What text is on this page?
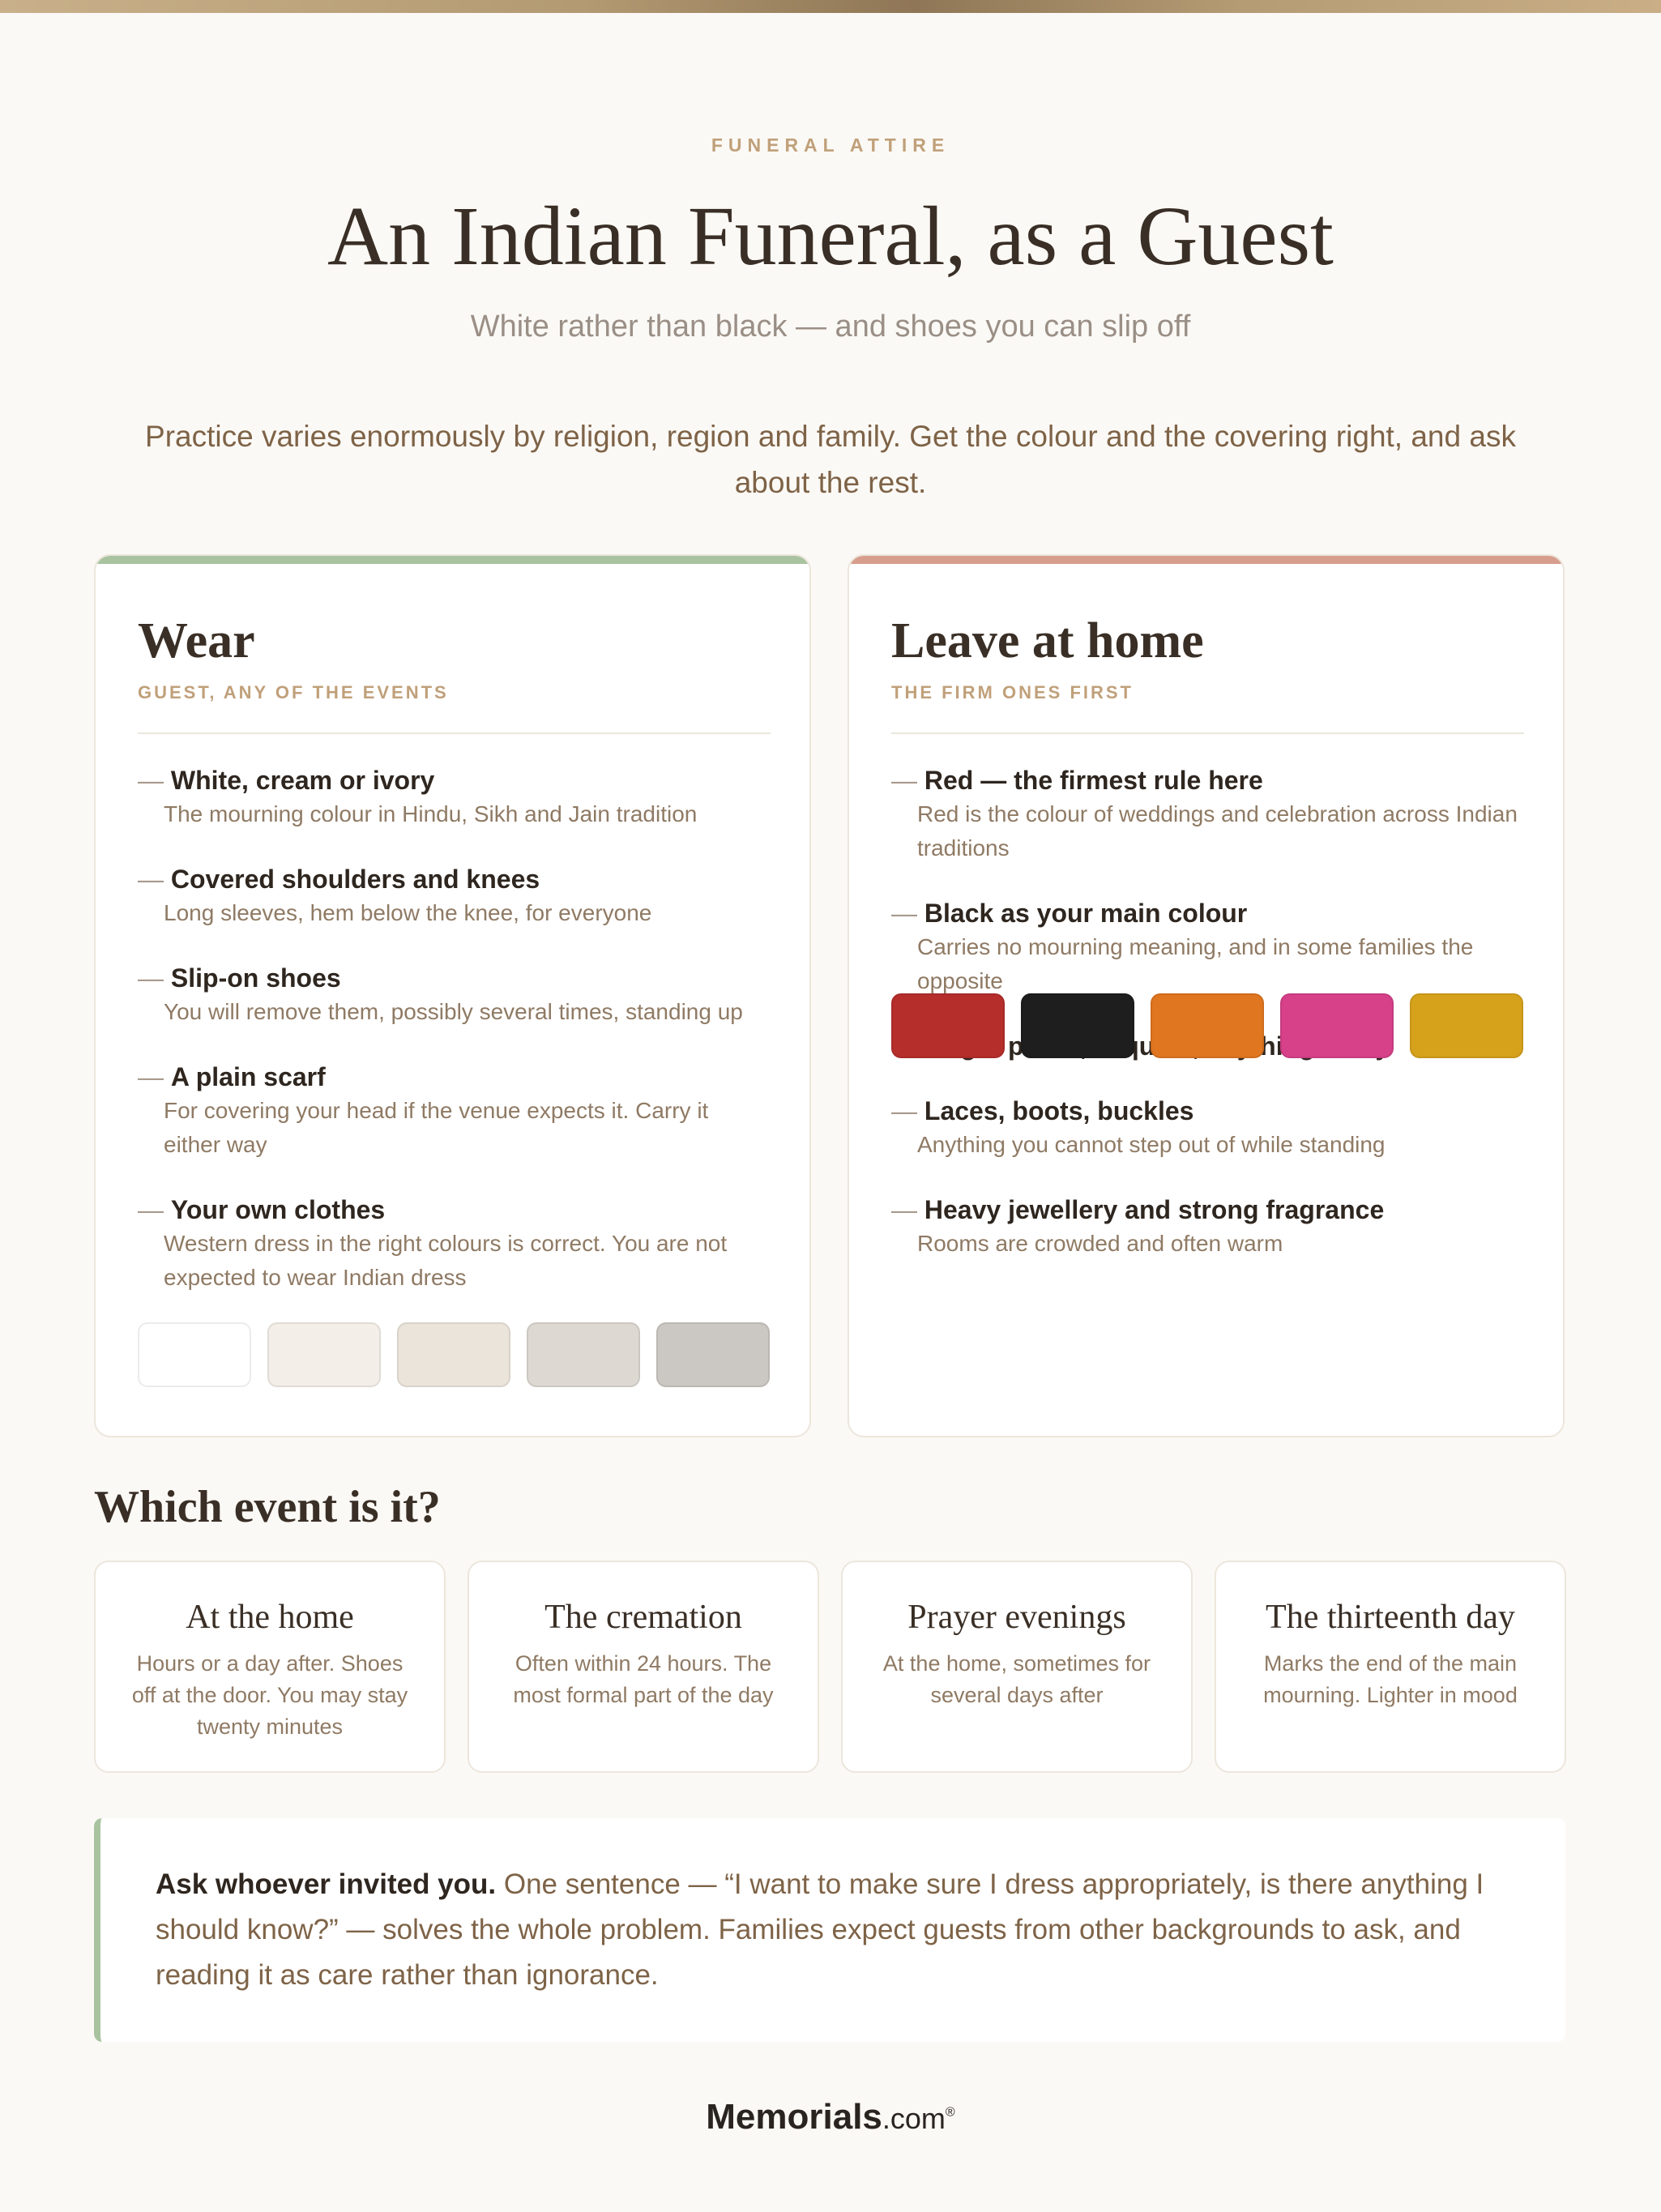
FUNERAL ATTIRE
An Indian Funeral, as a Guest
White rather than black — and shoes you can slip off

Practice varies enormously by religion, region and family. Get the colour and the covering right, and ask about the rest.

Wear
GUEST, ANY OF THE EVENTS
— White, cream or ivory
The mourning colour in Hindu, Sikh and Jain tradition
— Covered shoulders and knees
Long sleeves, hem below the knee, for everyone
— Slip-on shoes
You will remove them, possibly several times, standing up
— A plain scarf
For covering your head if the venue expects it. Carry it either way
— Your own clothes
Western dress in the right colours is correct. You are not expected to wear Indian dress
Leave at home
THE FIRM ONES FIRST
— Red — the firmest rule here
Red is the colour of weddings and celebration across Indian traditions
— Black as your main colour
Carries no mourning meaning, and in some families the opposite
sequins,
— Laces, boots, buckles
Anything you cannot step out of while standing
— Heavy jewellery and strong fragrance
Rooms are crowded and often warm
Which event is it?
At the home
Hours or a day after. Shoes off at the door. You may stay twenty minutes
The cremation
Often within 24 hours. The most formal part of the day
Prayer evenings
At the home, sometimes for several days after
The thirteenth day
Marks the end of the main mourning. Lighter in mood

Ask whoever invited you. One sentence — “I want to make sure I dress appropriately, is there anything I should know?” — solves the whole problem. Families expect guests from other backgrounds to ask, and reading it as care rather than ignorance.

Memorials.com®
